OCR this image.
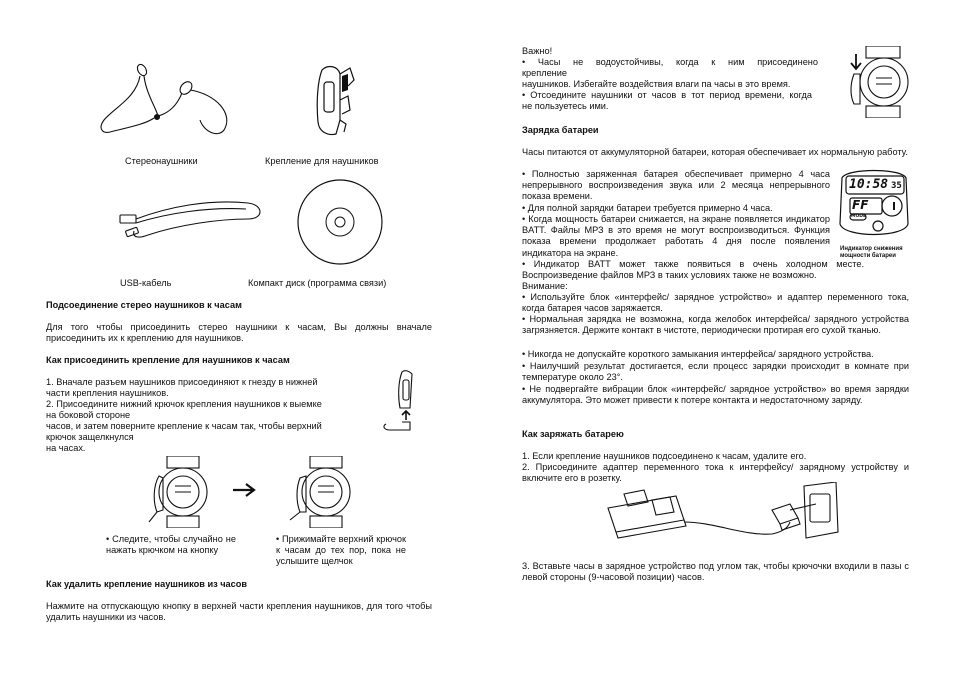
Стереонаушники	Крепление для наушников

USB-кабель	Компакт диск (программа связи)

Подсоединение стерео наушников к часам

Для того чтобы присоединить стерео наушники к часам, Вы должны вначале присоединить их к креплению для наушников.

Как присоединить крепление для наушников к часам

1. Вначале разъем наушников присоединяют к гнезду в нижней

части крепления наушников.

2. Присоедините нижний крючок крепления наушников к выемке

на боковой стороне

часов, и затем поверните крепление к часам так, чтобы верхний

крючок защелкнулся

на часах.

• Следите, чтобы случайно не нажать крючком на кнопку

• Прижимайте верхний крючок к часам до тех пор, пока не услышите щелчок

Как удалить крепление наушников из часов

Нажмите на отпускающую кнопку в верхней части крепления наушников, для того чтобы удалить наушники из часов.

Важно!

• Часы не водоустойчивы, когда к ним присоединено

крепление

наушников. Избегайте воздействия влаги па часы в это время.

• Отсоедините наушники от часов в тот период времени, когда

не пользуетесь ими.

Зарядка батареи

Часы питаются от аккумуляторной батареи, которая обеспечивает их нормальную работу.

• Полностью заряженная батарея обеспечивает примерно 4 часа непрерывного воспроизведения звука или 2 месяца непрерывного показа времени.

• Для полной зарядки батареи требуется примерно 4 часа.

• Когда мощность батареи снижается, на экране появляется индикатор BATT. Файлы МРЗ в это время не могут воспроизводиться. Функция показа времени продолжает работать 4 дня после появления индикатора на экране.

• Индикатор BATT может также появиться в очень холодном месте. Воспроизведение файлов МРЗ в таких условиях также не возможно.

10:58 35
FF
MODE
Индикатор снижения
мощности батареи

Внимание:

• Используйте блок «интерфейс/ зарядное устройство» и адаптер переменного тока, когда батарея часов заряжается.

• Нормальная зарядка не возможна, когда желобок интерфейса/ зарядного устройства загрязняется. Держите контакт в чистоте, периодически протирая его сухой тканью.

• Никогда не допускайте короткого замыкания интерфейса/ зарядного устройства.

• Наилучший результат достигается, если процесс зарядки происходит в комнате при температуре около 23°.

• Не подвергайте вибрации блок «интерфейс/ зарядное устройство» во время зарядки аккумулятора. Это может привести к потере контакта и недостаточному заряду.

Как заряжать батарею

1. Если крепление наушников подсоединено к часам, удалите его.

2. Присоедините адаптер переменного тока к интерфейсу/ зарядному устройству и включите его в розетку.

3. Вставьте часы в зарядное устройство под углом так, чтобы крючочки входили в пазы с левой стороны (9-часовой позиции) часов.
